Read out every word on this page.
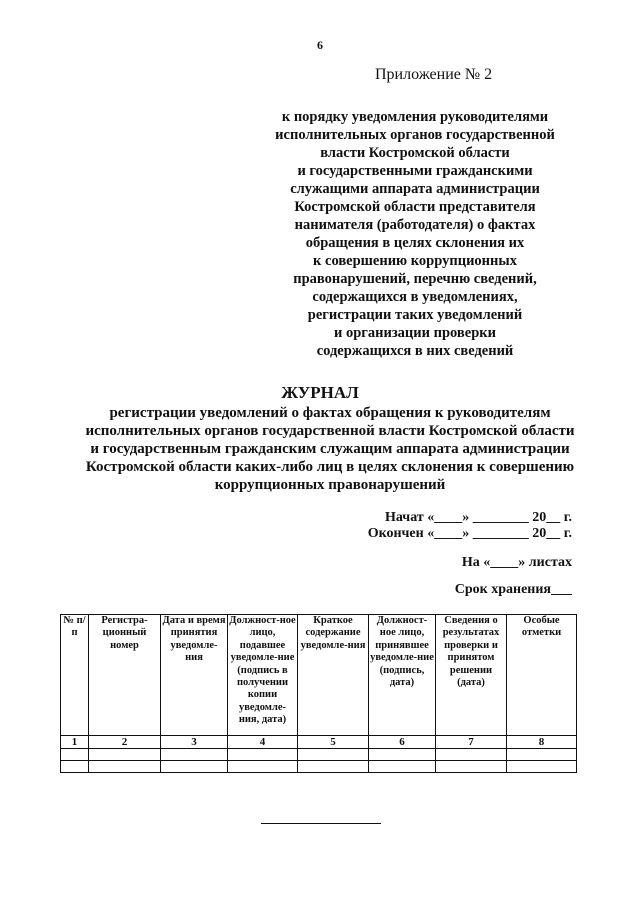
6
Приложение № 2
к порядку уведомления руководителями
исполнительных органов государственной
власти Костромской области
и государственными гражданскими
служащими аппарата администрации
Костромской области представителя
нанимателя (работодателя) о фактах
обращения в целях склонения их
к совершению коррупционных
правонарушений, перечню сведений,
содержащихся в уведомлениях,
регистрации таких уведомлений
и организации проверки
содержащихся в них сведений
ЖУРНАЛ
регистрации уведомлений о фактах обращения к руководителям
исполнительных органов государственной власти Костромской области
и государственным гражданским служащим аппарата администрации
Костромской области каких-либо лиц в целях склонения к совершению
коррупционных правонарушений
Начат «____» ________ 20__ г.
Окончен «____» ________ 20__ г.
На «____» листах
Срок хранения___
№ п/п	Регистра-ционный номер	Дата и время принятия уведомле-ния	Должност-ное лицо, подавшее уведомле-ние (подпись в получении копии уведомле-ния, дата)	Краткое содержание уведомле-ния	Должност-ное лицо, принявшее уведомле-ние (подпись, дата)	Сведения о результатах проверки и принятом решении (дата)	Особые отметки
1	2	3	4	5	6	7	8
